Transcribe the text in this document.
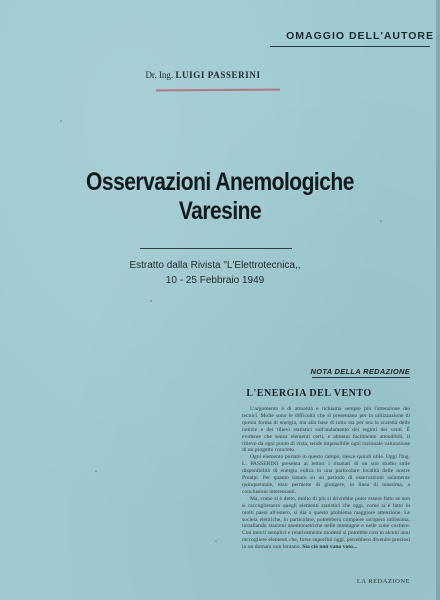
OMAGGIO DELL'AUTORE
Dr. Ing. LUIGI PASSERINI
Osservazioni Anemologiche Varesine
Estratto dalla Rivista "L'Elettrotecnica,,
10 - 25 Febbraio 1949
NOTA DELLA REDAZIONE
L'ENERGIA DEL VENTO

L'argomento è di attualità e richiama sempre più l'attenzione dei tecnici. Molte sono le difficoltà che si presentano per la utilizzazione di questa forma di energia, ma alla base di tutto sta per ora la scarsità delle notizie e dei rilievi statistici sull'andamento dei regimi dei venti. È evidente che senza elementi certi, e almeno facilmente attendibili, il rilievo da ogni punto di vista, rende impossibile ogni razionale valutazione di un progetto concreto.

Ogni elemento portato in questo campo, riesce quindi utile. Oggi l'Ing. L. PASSERINI presenta ai lettori i risultati di un suo studio sulle disponibilità di energia eolica in una particolare località delle nostre Prealpi. Per quanto basato su un periodo di osservazioni solamente quinquennale, esso permette di giungere, in linea di massima, a conclusioni interessanti.

Ma, come si è detto, molto di più si dovrebbe poter essere fatto se non si raccogliessero quegli elementi statistici che oggi, come si è fatto in molti paesi all'estero, si dia a questo problema maggiore attenzione. Le società elettriche, in particolare, potrebbero compiere un'opera utilissima, installando stazioni anemometriche nelle montagne e nelle zone costiere. Con mezzi semplici e relativamente modesti si potrebbe così in alcuni anni raccogliere elementi che, forse superflui oggi, potrebbero divenire preziosi in un domani non lontano. Sia ciò non vano voto...

LA REDAZIONE
